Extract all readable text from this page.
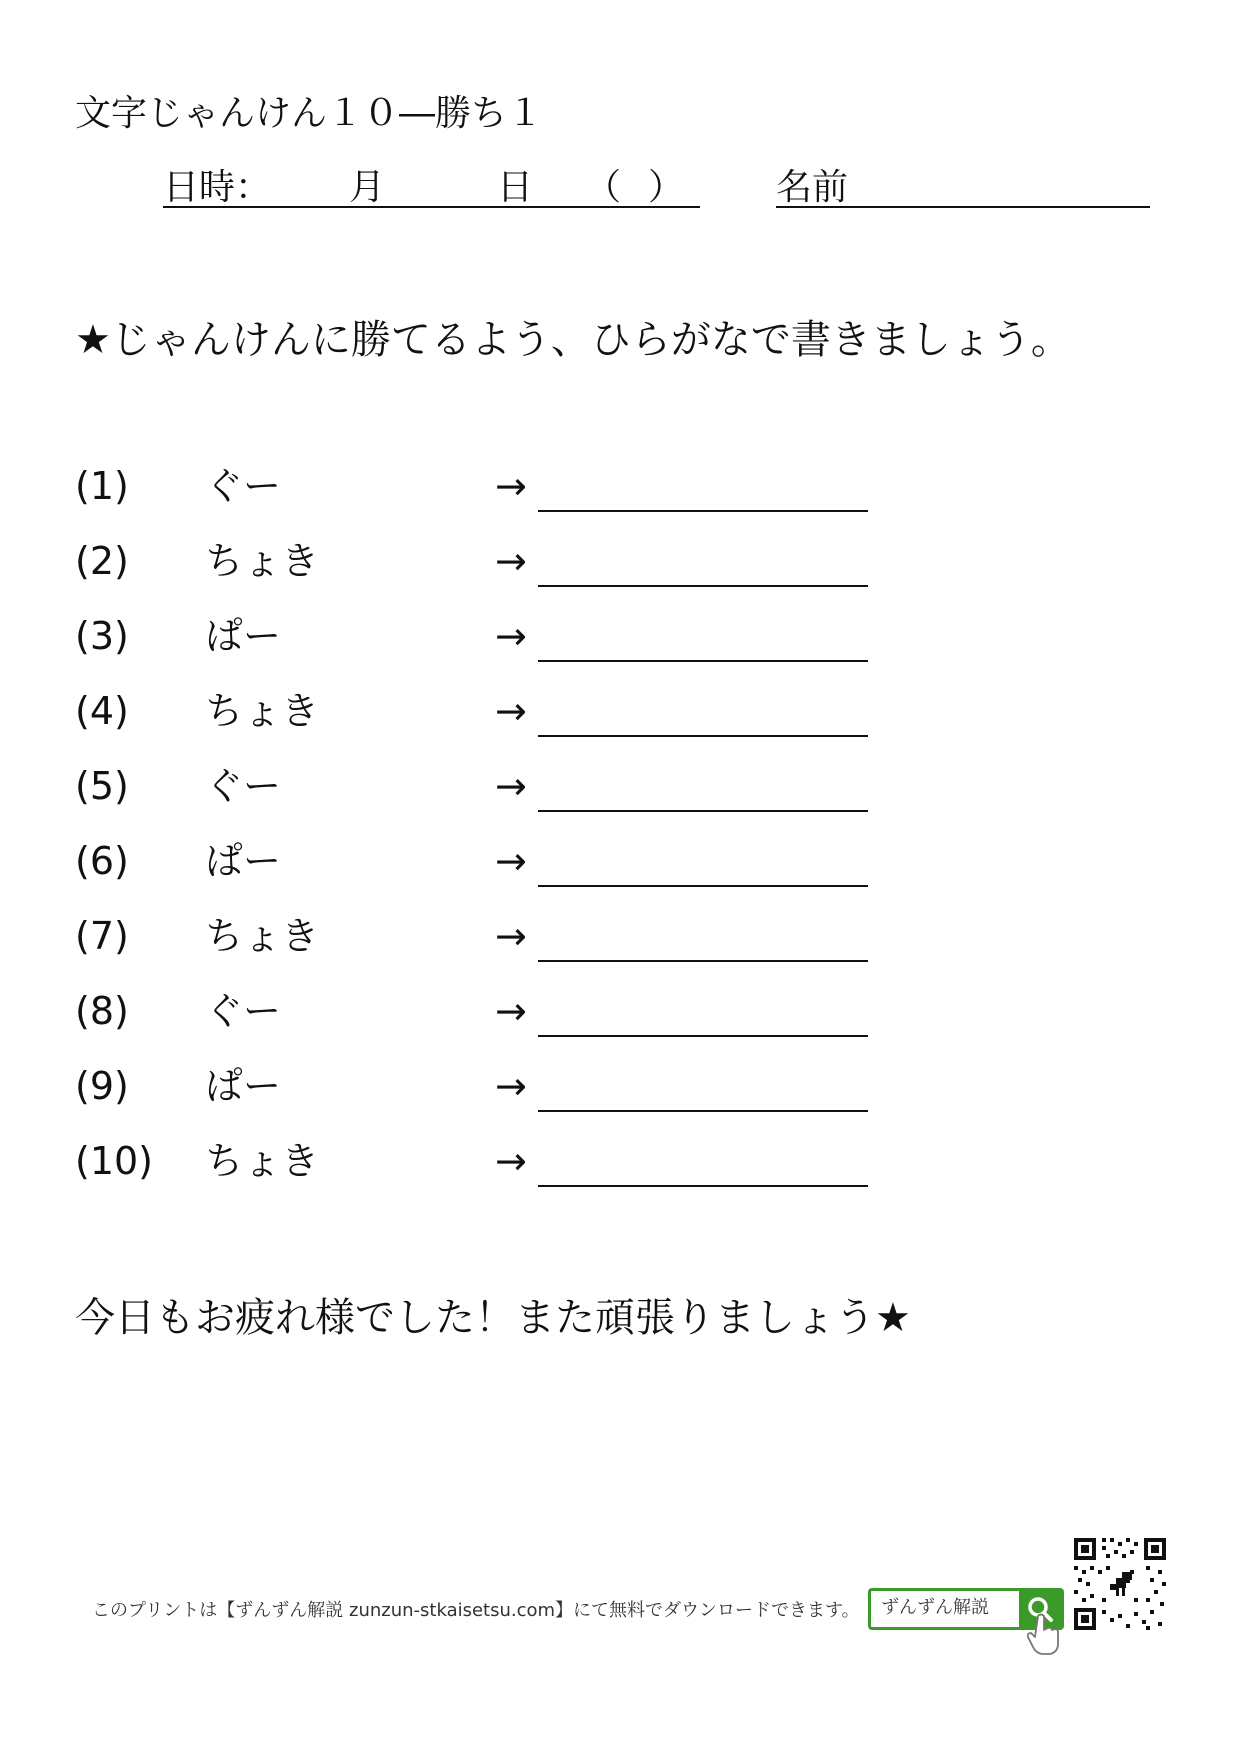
文字じゃんけん１０―勝ち１
日時： 月	日 （ ）	名前
★じゃんけんに勝てるよう、ひらがなで書きましょう。
(1) ぐー	→
(2) ちょき	→
(3) ぱー	→
(4) ちょき	→
(5) ぐー	→
(6) ぱー	→
(7) ちょき	→
(8) ぐー	→
(9) ぱー	→
(10) ちょき	→
今日もお疲れ様でした！また頑張りましょう★
このプリントは【ずんずん解説 zunzun-stkaisetsu.com】にて無料でダウンロードできます。 ずんずん解説
